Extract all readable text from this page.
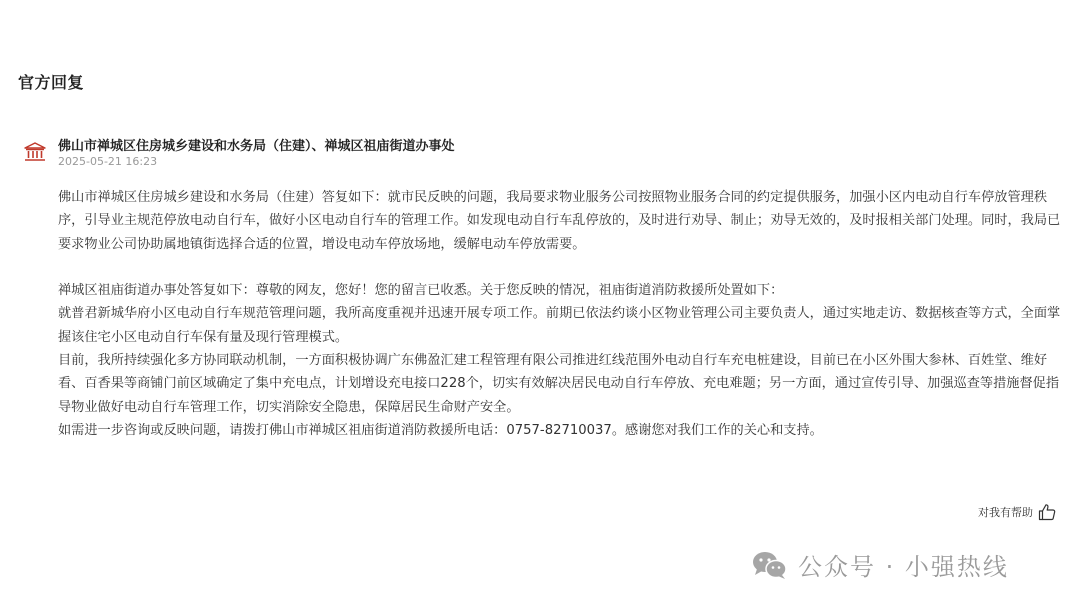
官方回复
佛山市禅城区住房城乡建设和水务局（住建）、禅城区祖庙街道办事处
2025-05-21 16:23

佛山市禅城区住房城乡建设和水务局（住建）答复如下：就市民反映的问题，我局要求物业服务公司按照物业服务合同的约定提供服务，加强小区内电动自行车停放管理秩序，引导业主规范停放电动自行车，做好小区电动自行车的管理工作。如发现电动自行车乱停放的，及时进行劝导、制止；劝导无效的，及时报相关部门处理。同时，我局已要求物业公司协助属地镇街选择合适的位置，增设电动车停放场地，缓解电动车停放需要。

禅城区祖庙街道办事处答复如下：尊敬的网友，您好！您的留言已收悉。关于您反映的情况，祖庙街道消防救援所处置如下：

就普君新城华府小区电动自行车规范管理问题，我所高度重视并迅速开展专项工作。前期已依法约谈小区物业管理公司主要负责人，通过实地走访、数据核查等方式，全面掌握该住宅小区电动自行车保有量及现行管理模式。

目前，我所持续强化多方协同联动机制，一方面积极协调广东佛盈汇建工程管理有限公司推进红线范围外电动自行车充电桩建设，目前已在小区外围大参林、百姓堂、维好看、百香果等商铺门前区域确定了集中充电点，计划增设充电接口228个，切实有效解决居民电动自行车停放、充电难题；另一方面，通过宣传引导、加强巡查等措施督促指导物业做好电动自行车管理工作，切实消除安全隐患，保障居民生命财产安全。

如需进一步咨询或反映问题，请拨打佛山市禅城区祖庙街道消防救援所电话：0757-82710037。感谢您对我们工作的关心和支持。

对我有帮助
公众号 · 小强热线
